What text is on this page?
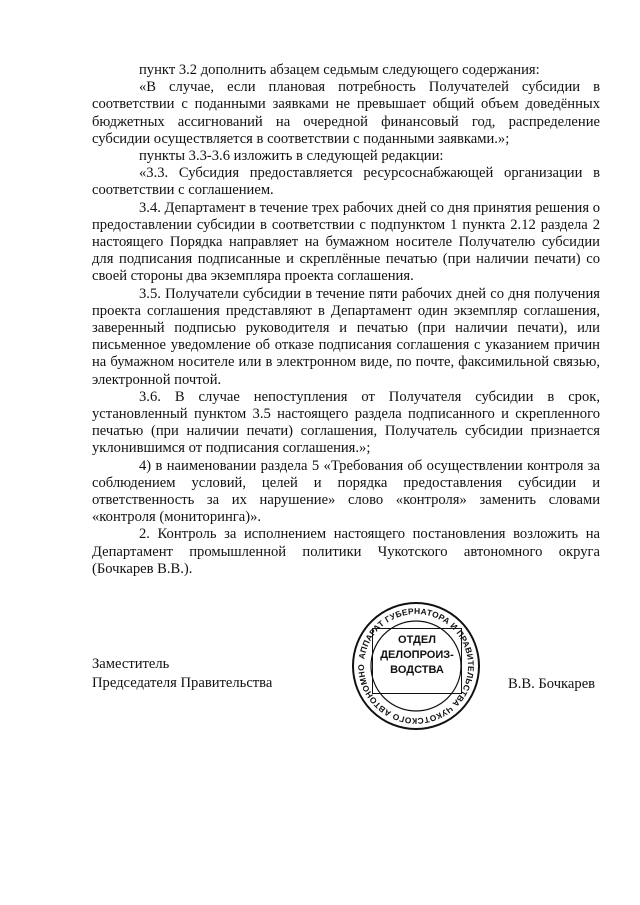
пункт 3.2 дополнить абзацем седьмым следующего содержания:

«В случае, если плановая потребность Получателей субсидии в соответствии с поданными заявками не превышает общий объем доведённых бюджетных ассигнований на очередной финансовый год, распределение субсидии осуществляется в соответствии с поданными заявками.»;

пункты 3.3-3.6 изложить в следующей редакции:

«3.3. Субсидия предоставляется ресурсоснабжающей организации в соответствии с соглашением.

3.4. Департамент в течение трех рабочих дней со дня принятия решения о предоставлении субсидии в соответствии с подпунктом 1 пункта 2.12 раздела 2 настоящего Порядка направляет на бумажном носителе Получателю субсидии для подписания подписанные и скреплённые печатью (при наличии печати) со своей стороны два экземпляра проекта соглашения.

3.5. Получатели субсидии в течение пяти рабочих дней со дня получения проекта соглашения представляют в Департамент один экземпляр соглашения, заверенный подписью руководителя и печатью (при наличии печати), или письменное уведомление об отказе подписания соглашения с указанием причин на бумажном носителе или в электронном виде, по почте, факсимильной связью, электронной почтой.

3.6. В случае непоступления от Получателя субсидии в срок, установленный пунктом 3.5 настоящего раздела подписанного и скрепленного печатью (при наличии печати) соглашения, Получатель субсидии признается уклонившимся от подписания соглашения.»;

4) в наименовании раздела 5 «Требования об осуществлении контроля за соблюдением условий, целей и порядка предоставления субсидии и ответственность за их нарушение» слово «контроля» заменить словами «контроля (мониторинга)».

2. Контроль за исполнением настоящего постановления возложить на Департамент промышленной политики Чукотского автономного округа (Бочкарев В.В.).

Заместитель
Председателя Правительства	В.В. Бочкарев
АППАРАТ ГУБЕРНАТОРА И ПРАВИТЕЛЬСТВА ЧУКОТСКОГО АВТОНОМНО
ОТДЕЛ
ДЕЛОПРОИЗ-
ВОДСТВА
